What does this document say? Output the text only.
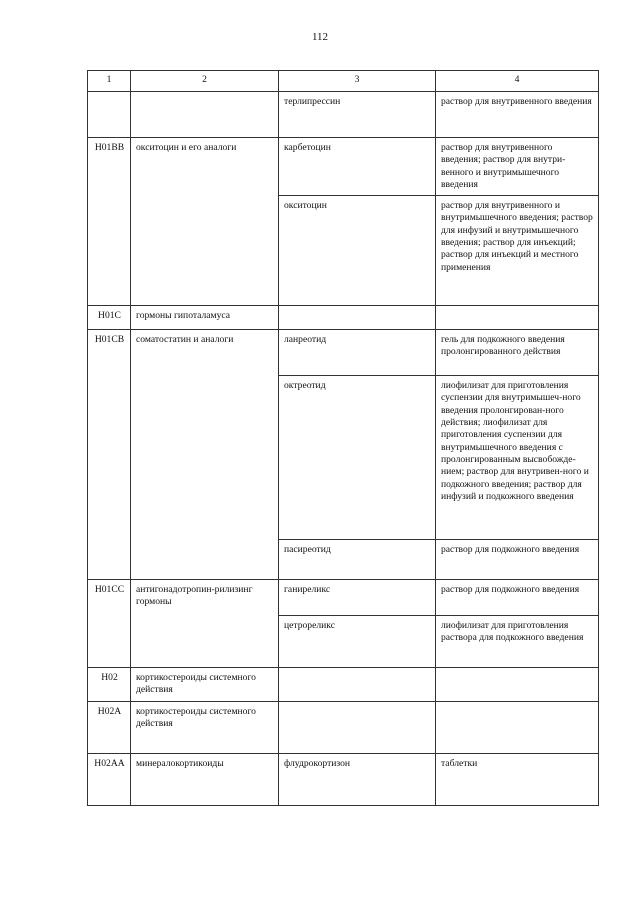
112
1	2	3	4
		терлипрессин	раствор для внутривенного введения
H01BB	окситоцин и его аналоги	карбетоцин	раствор для внутривенного введения; раствор для внутри-венного и внутримышечного введения
		окситоцин	раствор для внутривенного и внутримышечного введения; раствор для инфузий и внутримышечного введения; раствор для инъекций; раствор для инъекций и местного применения
H01C	гормоны гипоталамуса		
H01CB	соматостатин и аналоги	ланреотид	гель для подкожного введения пролонгированного действия
		октреотид	лиофилизат для приготовления суспензии для внутримышеч-ного введения пролонгирован-ного действия; лиофилизат для приготовления суспензии для внутримышечного введения с пролонгированным высвобожде-нием; раствор для внутривен-ного и подкожного введения; раствор для инфузий и подкожного введения
		пасиреотид	раствор для подкожного введения
H01CC	антигонадотропин-рилизинг гормоны	ганиреликс	раствор для подкожного введения
		цетрореликс	лиофилизат для приготовления раствора для подкожного введения
H02	кортикостероиды системного действия		
H02A	кортикостероиды системного действия		
H02AA	минералокортикоиды	флудрокортизон	таблетки
